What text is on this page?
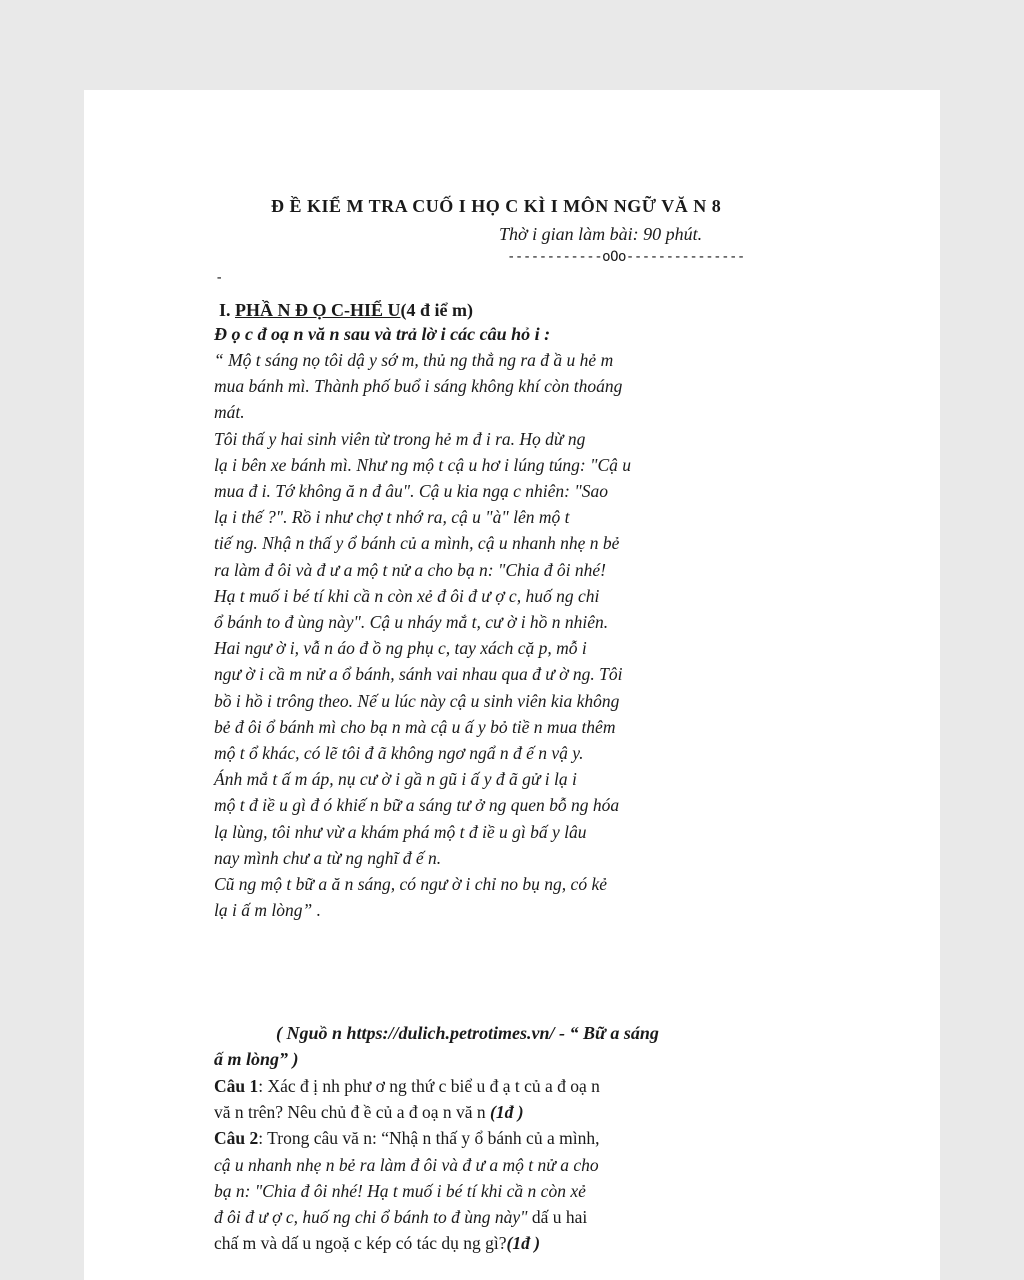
Đ Ề KIỂ M TRA CUỐ I HỌ C KÌ I MÔN NGỮ VĂ N 8
Thờ i gian làm bài: 90 phút.
------------oOo---------------
-
I. PHẦ N Đ Ọ C-HIỂ U(4 đ iể m)
Đ ọ c đ oạ n vă n sau và trả lờ i các câu hỏ i :

“ Mộ t sáng nọ tôi dậ y sớ m, thủ ng thẳ ng ra đ ầ u hẻ m

mua bánh mì. Thành phố buổ i sáng không khí còn thoáng

mát.

Tôi thấ y hai sinh viên từ trong hẻ m đ i ra. Họ dừ ng

lạ i bên xe bánh mì. Như ng mộ t cậ u hơ i lúng túng: "Cậ u

mua đ i. Tớ không ă n đ âu". Cậ u kia ngạ c nhiên: "Sao

lạ i thế ?". Rồ i như chợ t nhớ ra, cậ u "à" lên mộ t

tiế ng. Nhậ n thấ y ổ bánh củ a mình, cậ u nhanh nhẹ n bẻ

ra làm đ ôi và đ ư a mộ t nử a cho bạ n: "Chia đ ôi nhé!

Hạ t muố i bé tí khi cầ n còn xẻ đ ôi đ ư ợ c, huố ng chi

ổ bánh to đ ùng này". Cậ u nháy mắ t, cư ờ i hồ n nhiên.

Hai ngư ờ i, vẫ n áo đ ồ ng phụ c, tay xách cặ p, mỗ i

ngư ờ i cầ m nử a ổ bánh, sánh vai nhau qua đ ư ờ ng. Tôi

bồ i hồ i trông theo. Nế u lúc này cậ u sinh viên kia không

bẻ đ ôi ổ bánh mì cho bạ n mà cậ u ấ y bỏ tiề n mua thêm

mộ t ổ khác, có lẽ tôi đ ã không ngơ ngẩ n đ ế n vậ y.

Ánh mắ t ấ m áp, nụ cư ờ i gầ n gũ i ấ y đ ã gử i lạ i

mộ t đ iề u gì đ ó khiế n bữ a sáng tư ở ng quen bỗ ng hóa

lạ lùng, tôi như vừ a khám phá mộ t đ iề u gì bấ y lâu

nay mình chư a từ ng nghĩ đ ế n.

Cũ ng mộ t bữ a ă n sáng, có ngư ờ i chỉ no bụ ng, có kẻ

lạ i ấ m lòng” .

( Nguồ n https://dulich.petrotimes.vn/ - “ Bữ a sáng

ấ m lòng” )

Câu 1: Xác đ ị nh phư ơ ng thứ c biể u đ ạ t củ a đ oạ n

vă n trên? Nêu chủ đ ề củ a đ oạ n vă n (1đ )

Câu 2: Trong câu vă n: “Nhậ n thấ y ổ bánh củ a mình,

cậ u nhanh nhẹ n bẻ ra làm đ ôi và đ ư a mộ t nử a cho

bạ n: "Chia đ ôi nhé! Hạ t muố i bé tí khi cầ n còn xẻ

đ ôi đ ư ợ c, huố ng chi ổ bánh to đ ùng này" dấ u hai

chấ m và dấ u ngoặ c kép có tác dụ ng gì?(1đ )
